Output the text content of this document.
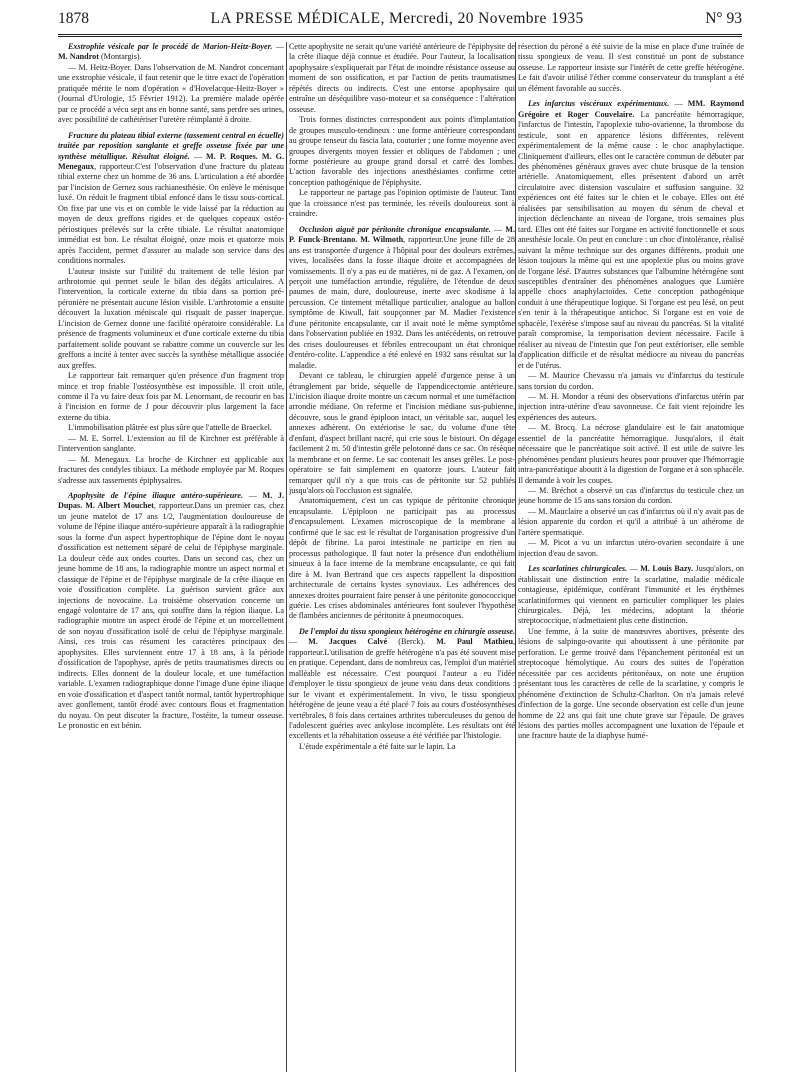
1878	LA PRESSE MÉDICALE, Mercredi, 20 Novembre 1935	N° 93

Exstrophie vésicale par le procédé de Marion-Heitz-Boyer. — M. Nandrot (Montargis).

— M. Heitz-Boyer. Dans l'observation de M. Nandrot concernant une exstrophie vésicale, il faut retenir que le titre exact de l'opération pratiquée mérite le nom d'opération « d'Hovelacque-Heitz-Boyer » (Journal d'Urologie, 15 Février 1912). La première malade opérée par ce procédé a vécu sept ans en bonne santé, sans perdre ses urines, avec possibilité de cathétériser l'uretère réimplanté à droite.

Fracture du plateau tibial externe (tassement central en écuelle) traitée par reposition sanglante et greffe osseuse fixée par une synthèse métallique. Résultat éloigné. — M. P. Roques. M. G. Menegaux, rapporteur.C'est l'observation d'une fracture du plateau tibial externe chez un homme de 36 ans. L'articulation a été abordée par l'incision de Gernez sous rachianesthésie. On enlève le ménisque luxé. On réduit le fragment tibial enfoncé dans le tissu sous-cortical. On fixe par une vis et on comble le vide laissé par la réduction au moyen de deux greffons rigides et de quelques copeaux ostéo-périostiques prélevés sur la crête tibiale. Le résultat anatomique immédiat est bon. Le résultat éloigné, onze mois et quatorze mois après l'accident, permet d'assurer au malade son service dans des conditions normales.

L'auteur insiste sur l'utilité du traitement de telle lésion par arthrotomie qui permet seule le bilan des dégâts articulaires. A l'intervention, la corticale externe du tibia dans sa portion pré-péronière ne présentait aucune lésion visible. L'arthrotomie a ensuite découvert la luxation méniscale qui risquait de passer inaperçue. L'incision de Gernez donne une facilité opératoire considérable. La présence de fragments volumineux et d'une corticale externe du tibia parfaitement solide pouvant se rabattre comme un couvercle sur les greffons a incité à tenter avec succès la synthèse métallique associée aux greffes.

Le rapporteur fait remarquer qu'en présence d'un fragment trop mince et trop friable l'ostéosynthèse est impossible. Il croit utile, comme il l'a vu faire deux fois par M. Lenormant, de recourir en bas à l'incision en forme de J pour découvrir plus largement la face externe du tibia.

L'immobilisation plâtrée est plus sûre que l'attelle de Braeckel.

— M. E. Sorrel. L'extension au fil de Kirchner est préférable à l'intervention sanglante.

— M. Menegaux. La broche de Kirchner est applicable aux fractures des condyles tibiaux. La méthode employée par M. Roques s'adresse aux tassements épiphysaires.

Apophysite de l'épine iliaque antéro-supérieure. — M. J. Dupas. M. Albert Mouchet, rapporteur.Dans un premier cas, chez un jeune matelot de 17 ans 1/2, l'augmentation douloureuse de volume de l'épine iliaque antéro-supérieure apparaît à la radiographie sous la forme d'un aspect hypertrophique de l'épine dont le noyau d'ossification est nettement séparé de celui de l'épiphyse marginale. La douleur cède aux ondes courtes. Dans un second cas, chez un jeune homme de 18 ans, la radiographie montre un aspect normal et classique de l'épine et de l'épiphyse marginale de la crête iliaque en voie d'ossification complète. La guérison survient grâce aux injections de novocaïne. La troisième observation concerne un engagé volontaire de 17 ans, qui souffre dans la région iliaque. La radiographie montre un aspect érodé de l'épine et un morcellement de son noyau d'ossification isolé de celui de l'épiphyse marginale. Ainsi, ces trois cas résument les caractères principaux des apophysites. Elles surviennent entre 17 à 18 ans, à la période d'ossification de l'apophyse, après de petits traumatismes directs ou indirects. Elles donnent de la douleur locale, et une tuméfaction variable. L'examen radiographique donne l'image d'une épine iliaque en voie d'ossification et d'aspect tantôt normal, tantôt hypertrophique avec gonflement, tantôt érodé avec contours flous et fragmentation du noyau. On peut discuter la fracture, l'ostéite, la tumeur osseuse. Le pronostic en est bénin.

Cette apophysite ne serait qu'une variété antérieure de l'épiphysite de la crête iliaque déjà connue et étudiée. Pour l'auteur, la localisation apophysaire s'expliquerait par l'état de moindre résistance osseuse au moment de son ossification, et par l'action de petits traumatismes répétés directs ou indirects. C'est une entorse apophysaire qui entraîne un déséquilibre vaso-moteur et sa conséquence : l'altération osseuse.

Trois formes distinctes correspondent aux points d'implantation de groupes musculo-tendineux : une forme antérieure correspondant au groupe tenseur du fascia lata, couturier ; une forme moyenne avec groupes divergents moyen fessier et obliques de l'abdomen ; une forme postérieure au groupe grand dorsal et carré des lombes. L'action favorable des injections anesthésiantes confirme cette conception pathogénique de l'épiphysite.

Le rapporteur ne partage pas l'opinion optimiste de l'auteur. Tant que la croissance n'est pas terminée, les réveils douloureux sont à craindre.

Occlusion aiguë par péritonite chronique encapsulante. — M. P. Funck-Brentano. M. Wilmoth, rapporteur.Une jeune fille de 28 ans est transportée d'urgence à l'hôpital pour des douleurs extrêmes, vives, localisées dans la fosse iliaque droite et accompagnées de vomissements. Il n'y a pas eu de matières, ni de gaz. A l'examen, on perçoit une tuméfaction arrondie, régulière, de l'étendue de deux paumes de main, dure, douloureuse, inerte avec skodisme à la percussion. Ce tintement métallique particulier, analogue au ballon symptôme de Kiwull, fait soupçonner par M. Madier l'existence d'une péritonite encapsulante, car il avait noté le même symptôme dans l'observation publiée en 1932. Dans les antécédents, on retrouve des crises douloureuses et fébriles entrecoupant un état chronique d'entéro-colite. L'appendice a été enlevé en 1932 sans résultat sur la maladie.

Devant ce tableau, le chirurgien appelé d'urgence pense à un étranglement par bride, séquelle de l'appendicectomie antérieure. L'incision iliaque droite montre un cæcum normal et une tuméfaction arrondie médiane. On referme et l'incision médiane sus-pubienne, découvre, sous le grand épiploon intact, un véritable sac, auquel les annexes adhèrent. On extériorise le sac, du volume d'une tête d'enfant, d'aspect brillant nacré, qui crie sous le bistouri. On dégage facilement 2 m. 50 d'intestin grêle pelotonné dans ce sac. On résèque la membrane et on ferme. Le sac contenait les anses grêles. Le post-opératoire se fait simplement en quatorze jours. L'auteur fait remarquer qu'il n'y a que trois cas de péritonite sur 52 publiés jusqu'alors où l'occlusion est signalée.

Anatomiquement, c'est un cas typique de péritonite chronique encapsulante. L'épiploon ne participait pas au processus d'encapsulement. L'examen microscopique de la membrane a confirmé que le sac est le résultat de l'organisation progressive d'un dépôt de fibrine. La paroi intestinale ne participe en rien au processus pathologique. Il faut noter la présence d'un endothélium sinueux à la face interne de la membrane encapsulante, ce qui fait dire à M. Ivan Bertrand que ces aspects rappellent la disposition architecturale de certains kystes synoviaux. Les adhérences des annexes droites pourraient faire penser à une péritonite gonococcique guérie. Les crises abdominales antérieures font soulever l'hypothèse de flambées anciennes de péritonite à pneumocoques.

De l'emploi du tissu spongieux hétérogène en chirurgie osseuse. — M. Jacques Calvé (Berck). M. Paul Mathieu, rapporteur.L'utilisation de greffe hétérogène n'a pas été souvent mise en pratique. Cependant, dans de nombreux cas, l'emploi d'un matériel malléable est nécessaire. C'est pourquoi l'auteur a eu l'idée d'employer le tissu spongieux de jeune veau dans deux conditions : sur le vivant et expérimentalement. In vivo, le tissu spongieux hétérogène de jeune veau a été placé 7 fois au cours d'ostéosynthèses vertébrales, 8 fois dans certaines arthrites tuberculeuses du genou de l'adolescent guéries avec ankylose incomplète. Les résultats ont été excellents et la réhabitation osseuse a été vérifiée par l'histologie.

L'étude expérimentale a été faite sur le lapin. La

résection du péroné a été suivie de la mise en place d'une traînée de tissu spongieux de veau. Il s'est constitué un pont de substance osseuse. Le rapporteur insiste sur l'intérêt de cette greffe hétérogène. Le fait d'avoir utilisé l'éther comme conservateur du transplant a été un élément favorable au succès.

Les infarctus viscéraux expérimentaux. — MM. Raymond Grégoire et Roger Couvelaire. La pancréatite hémorragique, l'infarctus de l'intestin, l'apoplexie tubo-ovarienne, la thrombose du testicule, sont en apparence lésions différentes, relèvent expérimentalement de la même cause : le choc anaphylactique. Cliniquement d'ailleurs, elles ont le caractère commun de débuter par des phénomènes généraux graves avec chute brusque de la tension artérielle. Anatomiquement, elles présentent d'abord un arrêt circulatoire avec distension vasculaire et suffusion sanguine. 32 expériences ont été faites sur le chien et le cobaye. Elles ont été réalisées par sensibilisation au moyen du sérum de cheval et injection déclenchante au niveau de l'organe, trois semaines plus tard. Elles ont été faites sur l'organe en activité fonctionnelle et sous anesthésie locale. On peut en conclure : un choc d'intolérance, réalisé suivant la même technique sur des organes différents, produit une lésion toujours la même qui est une apoplexie plus ou moins grave de l'organe lésé. D'autres substances que l'albumine hétérogène sont susceptibles d'entraîner des phénomènes analogues que Lumière appelle chocs anaphylactoïdes. Cette conception pathogénique conduit à une thérapeutique logique. Si l'organe est peu lésé, on peut s'en tenir à la thérapeutique antichoc. Si l'organe est en voie de sphacèle, l'exérèse s'impose sauf au niveau du pancréas. Si la vitalité paraît compromise, la temporisation devient nécessaire. Facile à réaliser au niveau de l'intestin que l'on peut extérioriser, elle semble d'application difficile et de résultat médiocre au niveau du pancréas et de l'utérus.

— M. Maurice Chevassu n'a jamais vu d'infarctus du testicule sans torsion du cordon.

— M. H. Mondor a réuni des observations d'infarctus utérin par injection intra-utérine d'eau savonneuse. Ce fait vient rejoindre les expériences des auteurs.

— M. Brocq. La nécrose glandulaire est le fait anatomique essentiel de la pancréatite hémorragique. Jusqu'alors, il était nécessaire que le pancréatique soit activé. Il est utile de suivre les phénomènes pendant plusieurs heures pour prouver que l'hémorragie intra-pancréatique aboutit à la digestion de l'organe et à son sphacèle. Il demande à voir les coupes.

— M. Bréchot a observé un cas d'infarctus du testicule chez un jeune homme de 15 ans sans torsion du cordon.

— M. Mauclaire a observé un cas d'infarctus où il n'y avait pas de lésion apparente du cordon et qu'il a attribué à un athérome de l'artère spermatique.

— M. Picot a vu un infarctus utéro-ovarien secondaire à une injection d'eau de savon.

Les scarlatines chirurgicales. — M. Louis Bazy. Jusqu'alors, on établissait une distinction entre la scarlatine, maladie médicale contagieuse, épidémique, conférant l'immunité et les érythèmes scarlatiniformes qui viennent en particulier compliquer les plaies chirurgicales. Déjà, les médecins, adoptant la théorie streptococcique, n'admettaient plus cette distinction.

Une femme, à la suite de manœuvres abortives, présente des lésions de salpingo-ovarite qui aboutissent à une péritonite par perforation. Le germe trouvé dans l'épanchement péritonéal est un streptocoque hémolytique. Au cours des suites de l'opération nécessitée par ces accidents péritonéaux, on note une éruption présentant tous les caractères de celle de la scarlatine, y compris le phénomène d'extinction de Schultz-Charlton. On n'a jamais relevé d'infection de la gorge. Une seconde observation est celle d'un jeune homme de 22 ans qui fait une chute grave sur l'épaule. De graves lésions des parties molles accompagnent une luxation de l'épaule et une fracture haute de la diaphyse humé-
